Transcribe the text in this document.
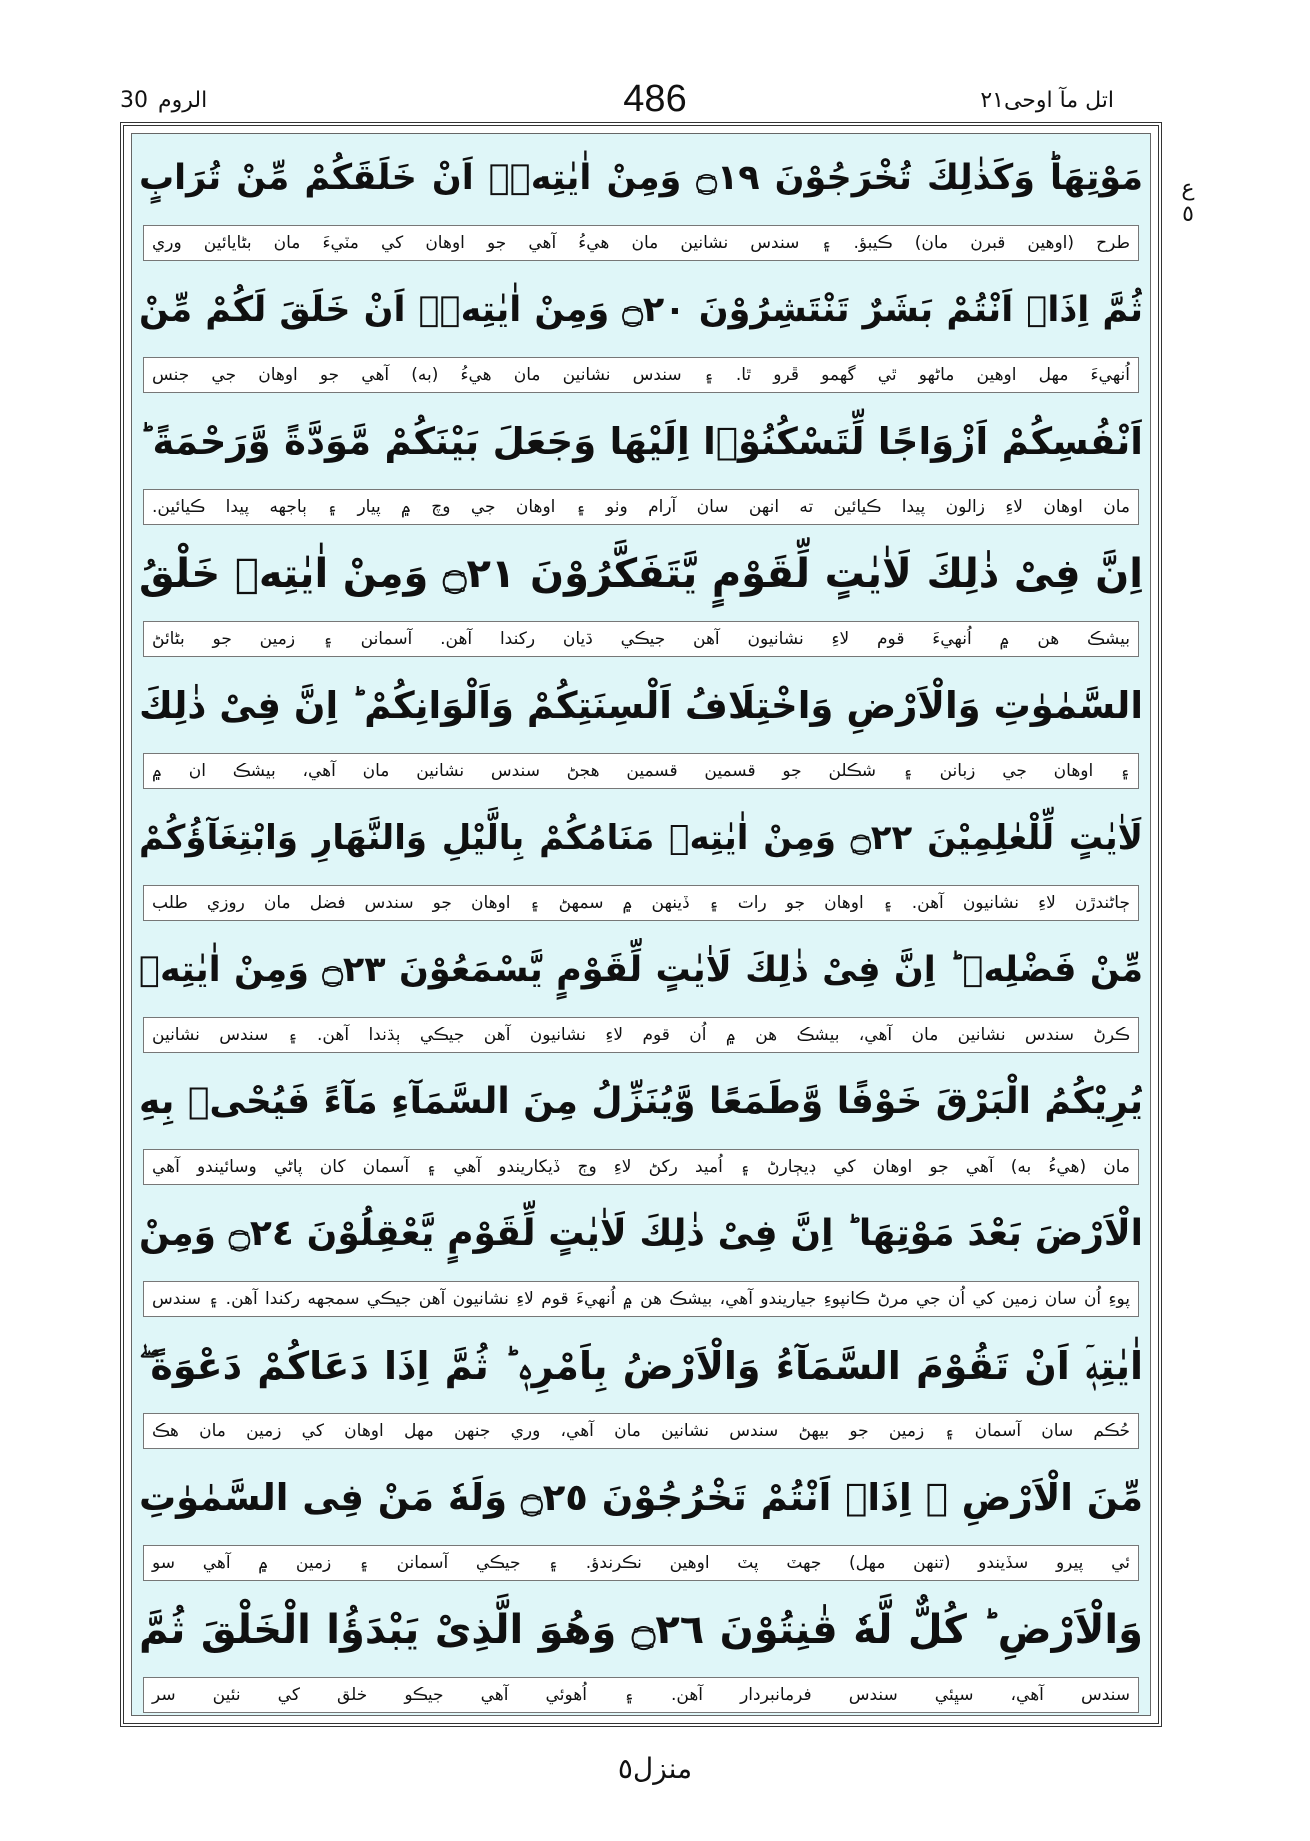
الروم
30	486	اتل مآ اوحى٢١
ع
٥
مَوْتِهَاؕ وَكَذٰلِكَ تُخْرَجُوْنَ ۝١٩ وَمِنْ اٰيٰتِهٖۤ اَنْ خَلَقَكُمْ مِّنْ تُرَابٍ
طرح (اوهين قبرن مان) ڪيبؤ. ۽ سندس نشانين مان هيءُ آهي جو اوهان کي مٽيءَ مان بڻايائين وري
ثُمَّ اِذَاۤ اَنْتُمْ بَشَرٌ تَنْتَشِرُوْنَ ۝٢٠ وَمِنْ اٰيٰتِهٖۤ اَنْ خَلَقَ لَكُمْ مِّنْ
اُنهيءَ مهل اوهين ماڻهو ٿي گهمو ڦرو ٿا. ۽ سندس نشانين مان هيءُ (به) آهي جو اوهان جي جنس
اَنْفُسِكُمْ اَزْوَاجًا لِّتَسْكُنُوْۤا اِلَيْهَا وَجَعَلَ بَيْنَكُمْ مَّوَدَّةً وَّرَحْمَةً ؕ
مان اوهان لاءِ زالون پيدا ڪيائين ته انهن سان آرام وٺو ۽ اوهان جي وچ ۾ پيار ۽ ٻاجهه پيدا ڪيائين.
اِنَّ فِىْ ذٰلِكَ لَاٰيٰتٍ لِّقَوْمٍ يَّتَفَكَّرُوْنَ ۝٢١ وَمِنْ اٰيٰتِهٖ خَلْقُ
بيشڪ هن ۾ اُنهيءَ قوم لاءِ نشانيون آهن جيڪي ڌيان رکندا آهن. آسمانن ۽ زمين جو بڻائڻ
السَّمٰوٰتِ وَالْاَرْضِ وَاخْتِلَافُ اَلْسِنَتِكُمْ وَاَلْوَانِكُمْ ؕ اِنَّ فِىْ ذٰلِكَ
۽ اوهان جي زبانن ۽ شڪلن جو قسمين قسمين هجڻ سندس نشانين مان آهي، بيشڪ ان ۾
لَاٰيٰتٍ لِّلْعٰلِمِيْنَ ۝٢٢ وَمِنْ اٰيٰتِهٖ مَنَامُكُمْ بِالَّيْلِ وَالنَّهَارِ وَابْتِغَآؤُكُمْ
ڄاڻندڙن لاءِ نشانيون آهن. ۽ اوهان جو رات ۽ ڏينهن ۾ سمهڻ ۽ اوهان جو سندس فضل مان روزي طلب
مِّنْ فَضْلِهٖ ؕ اِنَّ فِىْ ذٰلِكَ لَاٰيٰتٍ لِّقَوْمٍ يَّسْمَعُوْنَ ۝٢٣ وَمِنْ اٰيٰتِهٖ
ڪرڻ سندس نشانين مان آهي، بيشڪ هن ۾ اُن قوم لاءِ نشانيون آهن جيڪي ٻڌندا آهن. ۽ سندس نشانين
يُرِيْكُمُ الْبَرْقَ خَوْفًا وَّطَمَعًا وَّيُنَزِّلُ مِنَ السَّمَآءِ مَآءً فَيُحْىٖ بِهِ
مان (هيءُ به) آهي جو اوهان کي ڊيڄارڻ ۽ اُميد رکڻ لاءِ وڄ ڏيکاريندو آهي ۽ آسمان کان پاڻي وسائيندو آهي
الْاَرْضَ بَعْدَ مَوْتِهَا ؕ اِنَّ فِىْ ذٰلِكَ لَاٰيٰتٍ لِّقَوْمٍ يَّعْقِلُوْنَ ۝٢٤ وَمِنْ
پوءِ اُن سان زمين کي اُن جي مرڻ ڪانپوءِ جياريندو آهي، بيشڪ هن ۾ اُنهيءَ قوم لاءِ نشانيون آهن جيڪي سمجهه رکندا آهن. ۽ سندس
اٰيٰتِهٖۤ اَنْ تَقُوْمَ السَّمَآءُ وَالْاَرْضُ بِاَمْرِهٖ ؕ ثُمَّ اِذَا دَعَاكُمْ دَعْوَةً ۖ
حُڪم سان آسمان ۽ زمين جو بيهڻ سندس نشانين مان آهي، وري جنهن مهل اوهان کي زمين مان هڪ
مِّنَ الْاَرْضِ ۖ اِذَاۤ اَنْتُمْ تَخْرُجُوْنَ ۝٢٥ وَلَهٗ مَنْ فِى السَّمٰوٰتِ
ئي پيرو سڏيندو (تنهن مهل) جهٽ پٽ اوهين نڪرندؤ. ۽ جيڪي آسمانن ۽ زمين ۾ آهي سو
وَالْاَرْضِ ؕ كُلٌّ لَّهٗ قٰنِتُوْنَ ۝٢٦ وَهُوَ الَّذِىْ يَبْدَؤُا الْخَلْقَ ثُمَّ
سندس آهي، سڀئي سندس فرمانبردار آهن. ۽ اُهوئي آهي جيڪو خلق کي نئين سر
منزل٥
